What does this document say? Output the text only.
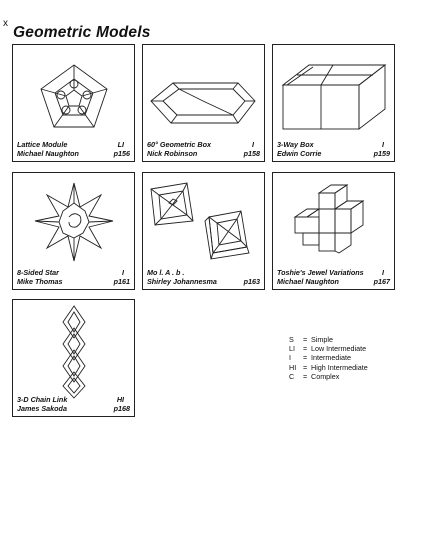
x
Geometric Models
Lattice Module	LI
Michael Naughton	p156
60° Geometric Box	I
Nick Robinson	p158
3-Way Box	I
Edwin Corrie	p159
8-Sided Star	I
Mike Thomas	p161
Mo l. A . b .
Shirley Johannesma	p163
Toshie's Jewel Variations	I
Michael Naughton	p167
3-D Chain Link	HI
James Sakoda	p168
S	= Simple
LI	= Low Intermediate
I	= Intermediate
HI = High Intermediate
C	= Complex
